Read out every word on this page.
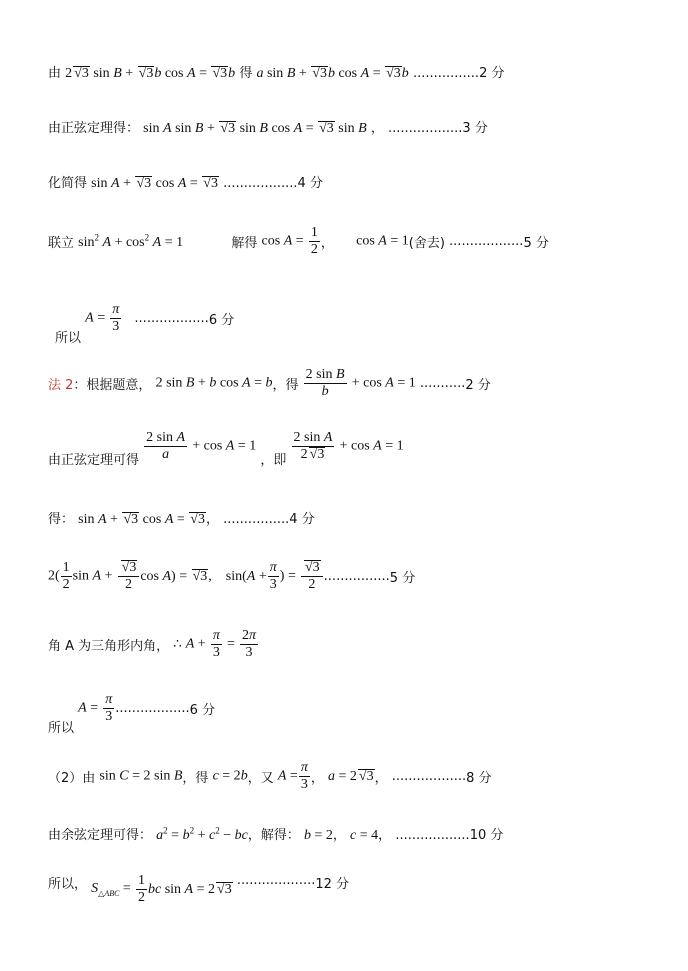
由 2 √ 3 sin B + √ 3b cos A = √ 3b 得 a sin B + √ 3b cos A = √ 3b ................2 分
由正弦定理得： sin A sin B + √ 3 sin B cos A = √ 3 sin B ， ..................3 分
化简得 sin A + √ 3 cos A = √ 3 ..................4 分
联立 $\sin^2 A + \cos^2 A = 1$	解得 $\cos A = \frac{1}{2}$ ， cos A = 1(舍去) ..................5 分
所以 $A = \frac{\pi}{3} ..................6$ 分
法 2：根据题意， 2 sin B + b cos A = b，得 $\frac{\text{2 sin B}}{b} + \cos A = 1$ ...........2 分
由正弦定理可得 $\frac{\text{2 sin A}}{a} + \cos A = 1$ ，即 $\frac{\text{2 sin A}}{2 √ 3} + \cos A = 1$
得： sin A + √ 3 cos A = √ 3， ................4 分
$2( \frac{1}{2}$ sin A + √ $\frac{3}{2}$ cos A) = √ 3,    $\sin(A + \frac{\pi}{3}$ ) = √ $\frac{3}{2} ................5$ 分
角 A 为三角形内角， ∴ $A + \frac{\pi}{3} = \frac{2\pi}{3}$
所以 $A = \frac{\pi}{3} ..................6$ 分
（2）由 sin C = 2 sin B，得 c = 2b，又 $A = \frac{\pi}{3}$ ， a = 2 √ 3， ..................8 分
由余弦定理可得： $a^2 = b^2 + c^2$ − bc，解得： b = 2， c = 4， ..................10 分
所以， $S_{\triangle ABC} = \frac{1}{2}$ bc sin A = 2 √ 3 ...................12 分
